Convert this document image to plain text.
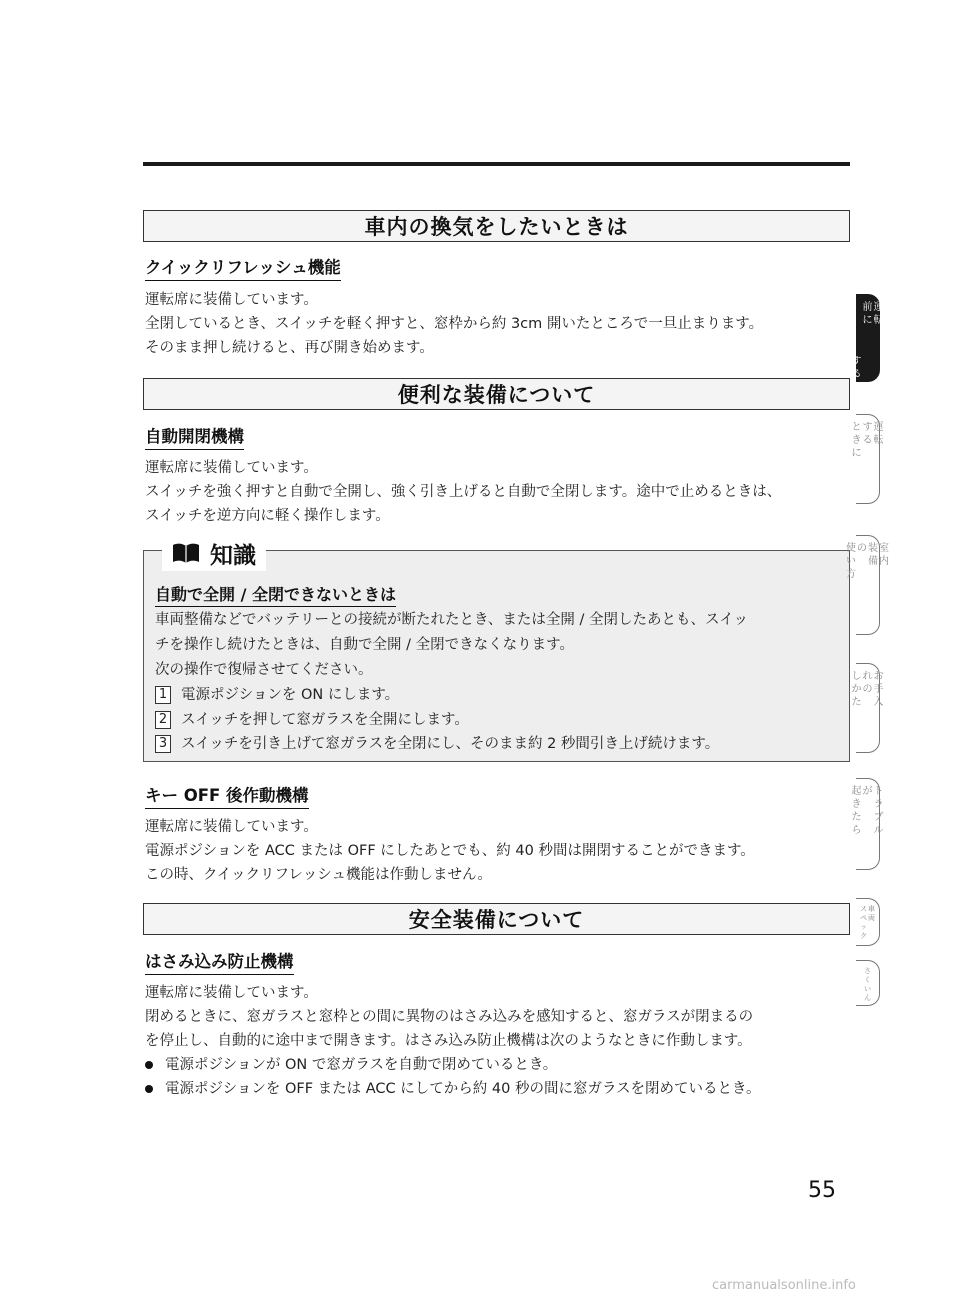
車内の換気をしたいときは
クイックリフレッシュ機能
運転席に装備しています。
全閉しているとき、スイッチを軽く押すと、窓枠から約 3cm 開いたところで一旦止まります。
そのまま押し続けると、再び開き始めます。
便利な装備について
自動開閉機構
運転席に装備しています。
スイッチを強く押すと自動で全開し、強く引き上げると自動で全閉します。途中で止めるときは、
スイッチを逆方向に軽く操作します。
知識
自動で全開 / 全閉できないときは
車両整備などでバッテリーとの接続が断たれたとき、または全開 / 全閉したあとも、スイッ
チを操作し続けたときは、自動で全開 / 全閉できなくなります。
次の操作で復帰させてください。
1 電源ポジションを ON にします。
2 スイッチを押して窓ガラスを全開にします。
3 スイッチを引き上げて窓ガラスを全閉にし、そのまま約 2 秒間引き上げ続けます。
キー OFF 後作動機構
運転席に装備しています。
電源ポジションを ACC または OFF にしたあとでも、約 40 秒間は開閉することができます。
この時、クイックリフレッシュ機能は作動しません。
安全装備について
はさみ込み防止機構
運転席に装備しています。
閉めるときに、窓ガラスと窓枠との間に異物のはさみ込みを感知すると、窓ガラスが閉まるの
を停止し、自動的に途中まで開きます。はさみ込み防止機構は次のようなときに作動します。
電源ポジションが ON で窓ガラスを自動で閉めているとき。
電源ポジションを OFF または ACC にしてから約 40 秒の間に窓ガラスを閉めているとき。
運
転
前
に
す
る
運
転
す
る
と
き
に
室
内
装
備
の
使
い
方
お
手
入
れ
の
し
か
た
ト
ラ
ブ
ル
が
起
き
た
ら
車
両
ス
ペ
ッ
ク
さ
く
い
ん
55
carmanualsonline.info
